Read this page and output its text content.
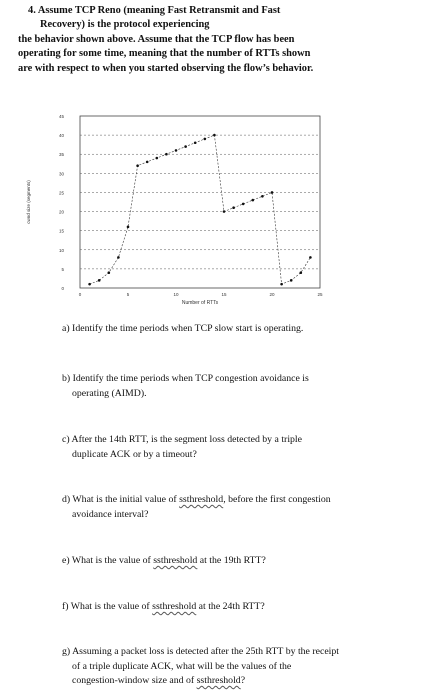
4. Assume TCP Reno (meaning Fast Retransmit and Fast
Recovery) is the protocol experiencing
the behavior shown above. Assume that the TCP flow has been
operating for some time, meaning that the number of RTTs shown
are with respect to when you started observing the flow’s behavior.
0
5
10
15
20
25
30
35
40
45
0	5	10	15	20	25
Number of RTTs
cwnd size (segments)
a) Identify the time periods when TCP slow start is operating.
b) Identify the time periods when TCP congestion avoidance is
operating (AIMD).
c) After the 14th RTT, is the segment loss detected by a triple
duplicate ACK or by a timeout?
d) What is the initial value of ssthreshold, before the first congestion
avoidance interval?
e) What is the value of ssthreshold at the 19th RTT?
f) What is the value of ssthreshold at the 24th RTT?
g) Assuming a packet loss is detected after the 25th RTT by the receipt
of a triple duplicate ACK, what will be the values of the
congestion-window size and of ssthreshold?
